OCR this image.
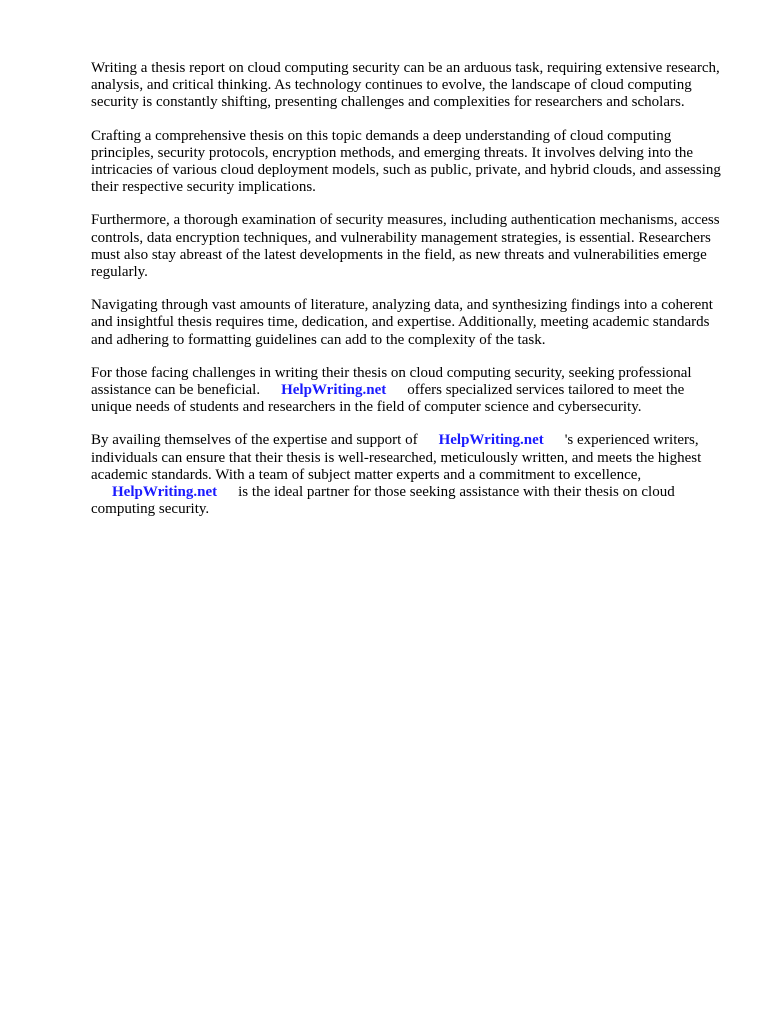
Writing a thesis report on cloud computing security can be an arduous task, requiring extensive research, analysis, and critical thinking. As technology continues to evolve, the landscape of cloud computing security is constantly shifting, presenting challenges and complexities for researchers and scholars.

Crafting a comprehensive thesis on this topic demands a deep understanding of cloud computing principles, security protocols, encryption methods, and emerging threats. It involves delving into the intricacies of various cloud deployment models, such as public, private, and hybrid clouds, and assessing their respective security implications.

Furthermore, a thorough examination of security measures, including authentication mechanisms, access controls, data encryption techniques, and vulnerability management strategies, is essential. Researchers must also stay abreast of the latest developments in the field, as new threats and vulnerabilities emerge regularly.

Navigating through vast amounts of literature, analyzing data, and synthesizing findings into a coherent and insightful thesis requires time, dedication, and expertise. Additionally, meeting academic standards and adhering to formatting guidelines can add to the complexity of the task.

For those facing challenges in writing their thesis on cloud computing security, seeking professional assistance can be beneficial. HelpWriting.net offers specialized services tailored to meet the unique needs of students and researchers in the field of computer science and cybersecurity.

By availing themselves of the expertise and support of HelpWriting.net 's experienced writers, individuals can ensure that their thesis is well-researched, meticulously written, and meets the highest academic standards. With a team of subject matter experts and a commitment to excellence, HelpWriting.net is the ideal partner for those seeking assistance with their thesis on cloud computing security.
